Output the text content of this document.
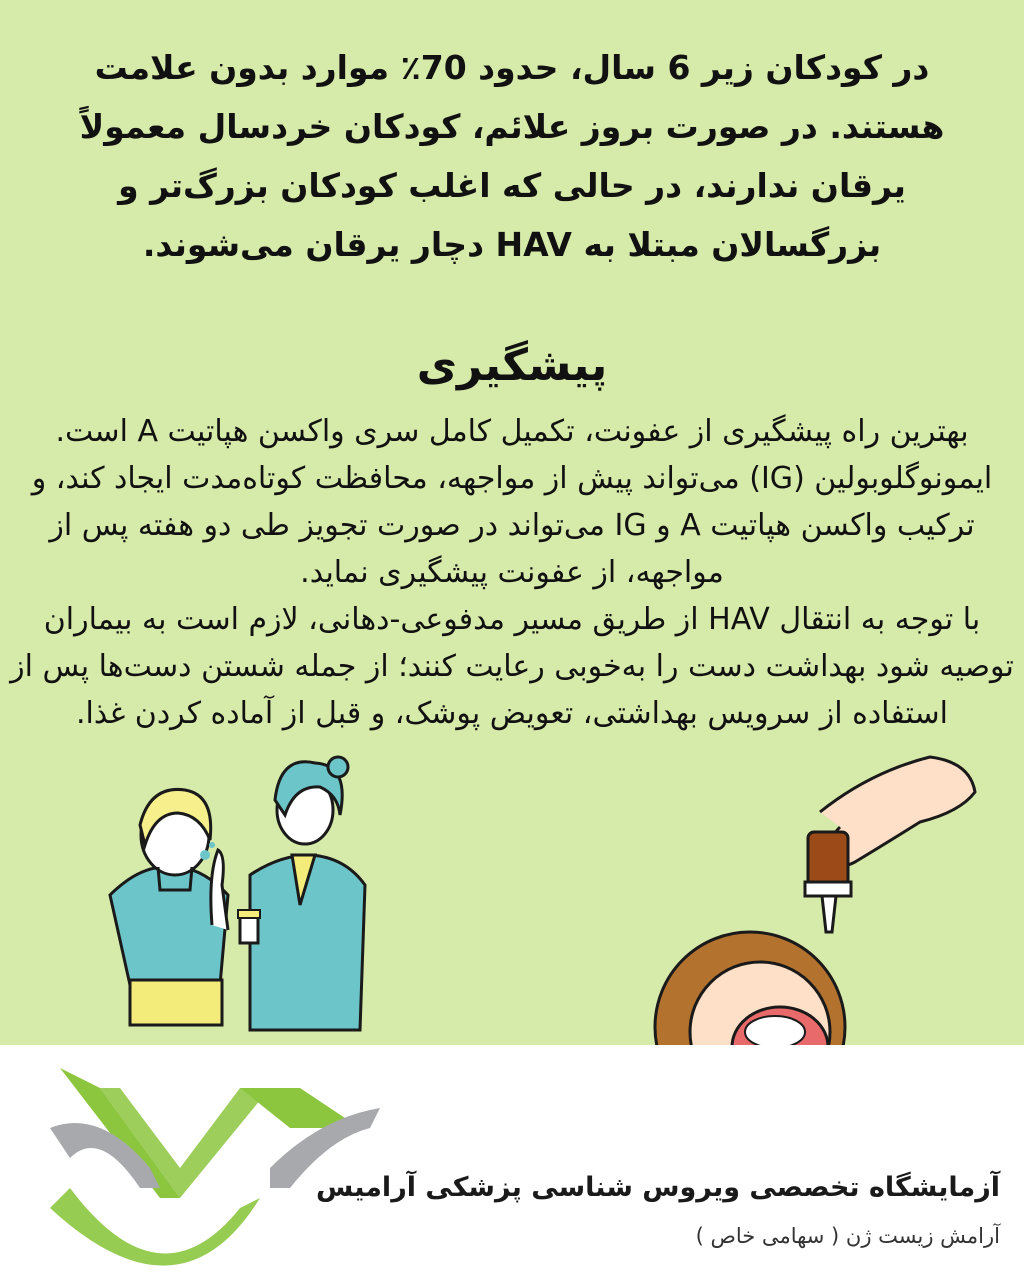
در کودکان زیر 6 سال، حدود 70٪ موارد بدون علامت
هستند. در صورت بروز علائم، کودکان خردسال معمولاً
یرقان ندارند، در حالی که اغلب کودکان بزرگ‌تر و
بزرگسالان مبتلا به HAV دچار یرقان می‌شوند.
پیشگیری

بهترین راه پیشگیری از عفونت، تکمیل کامل سری واکسن هپاتیت A است. ایمونوگلوبولین (IG) می‌تواند پیش از مواجهه، محافظت کوتاه‌مدت ایجاد کند، و ترکیب واکسن هپاتیت A و IG می‌تواند در صورت تجویز طی دو هفته پس از مواجهه، از عفونت پیشگیری نماید.

با توجه به انتقال HAV از طریق مسیر مدفوعی-دهانی، لازم است به بیماران توصیه شود بهداشت دست را به‌خوبی رعایت کنند؛ از جمله شستن دست‌ها پس از استفاده از سرویس بهداشتی، تعویض پوشک، و قبل از آماده کردن غذا.

آزمایشگاه تخصصی ویروس شناسی پزشکی آرامیس
آرامش زیست ژن ( سهامی خاص )
